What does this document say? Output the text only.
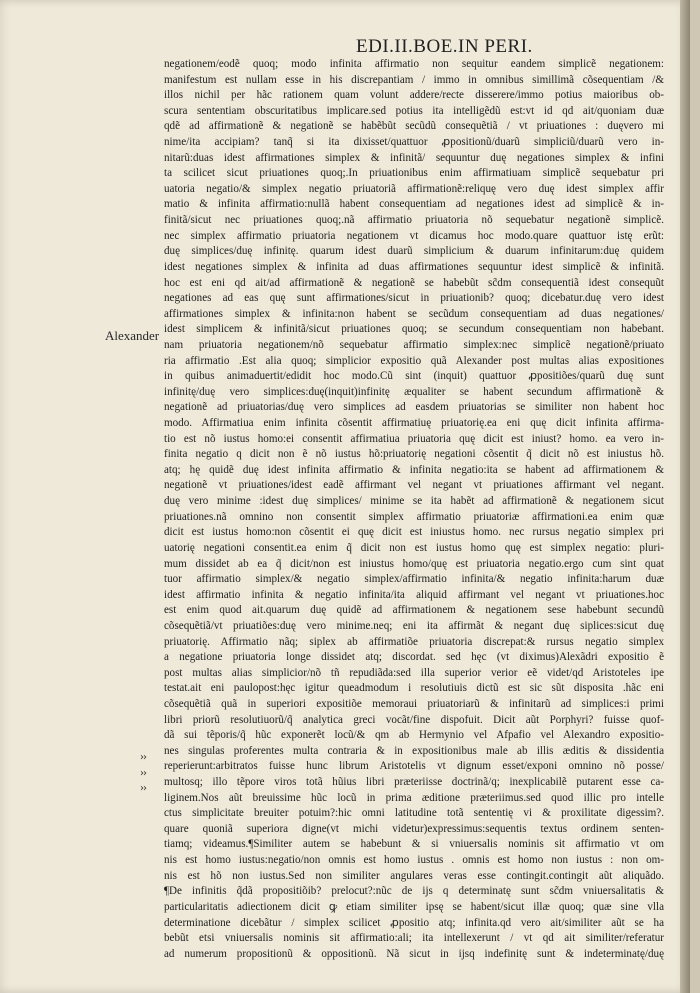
EDI.II.BOE.IN PERI.
Alexander
››
››
››
negationem/eodẽ quoq; modo infinita affirmatio non sequitur eandem simplicẽ negationem:
manifestum est nullam esse in his discrepantiam / immo in omnibus simillimã cõsequentiam /&
illos nichil per hãc rationem quam volunt addere/recte disserere/immo potius maioribus ob-
scura sententiam obscuritatibus implicare.sed potius ita intelligẽdũ est:vt id qd ait/quoniam duæ
qdẽ ad affirmationẽ & negationẽ se habẽbũt secũdũ consequẽtiã / vt priuationes : duęvero mi
nime/ita accipiam? tanq̃ si ita dixisset/quattuor ꝓpositionũ/duarũ simpliciũ/duarũ vero in-
nitarũ:duas idest affirmationes simplex & infinitã/ sequuntur duę negationes simplex & infini
ta scilicet sicut priuationes quoq;.In priuationibus enim affirmatiuam simplicẽ sequebatur pri
uatoria negatio/& simplex negatio priuatoriã affirmationẽ:reliquę vero duę idest simplex affir
matio & infinita affirmatio:nullã habent consequentiam ad negationes idest ad simplicẽ & in-
finitã/sicut nec priuationes quoq;.nã affirmatio priuatoria nõ sequebatur negationẽ simplicẽ.
nec simplex affirmatio priuatoria negationem vt dicamus hoc modo.quare quattuor istę erũt:
duę simplices/duę infinitę. quarum idest duarũ simplicium & duarum infinitarum:duę quidem
idest negationes simplex & infinita ad duas affirmationes sequuntur idest simplicẽ & infinitã.
hoc est eni qd ait/ad affirmationẽ & negationẽ se habebũt sc̃dm consequentiã idest consequũt
negationes ad eas quę sunt affirmationes/sicut in priuationib? quoq; dicebatur.duę vero idest
affirmationes simplex & infinita:non habent se secũdum consequentiam ad duas negationes/
idest simplicem & infinitã/sicut priuationes quoq; se secundum consequentiam non habebant.
nam priuatoria negationem/nõ sequebatur affirmatio simplex:nec simplicẽ negationẽ/priuato
ria affirmatio .Est alia quoq; simplicior expositio quã Alexander post multas alias expositiones
in quibus animaduertit/edidit hoc modo.Cũ sint (inquit) quattuor ꝓpositiões/quarũ duę sunt
infinitę/duę vero simplices:duę(inquit)infinitę æqualiter se habent secundum affirmationẽ &
negationẽ ad priuatorias/duę vero simplices ad easdem priuatorias se similiter non habent hoc
modo. Affirmatiua enim infinita cõsentit affirmatiuę priuatorię.ea eni quę dicit infinita affirma-
tio est nõ iustus homo:ei consentit affirmatiua priuatoria quę dicit est iniust? homo. ea vero in-
finita negatio q dicit non ẽ nõ iustus hõ:priuatorię negationi cõsentit q̃ dicit nõ est iniustus hõ.
atq; hę quidẽ duę idest infinita affirmatio & infinita negatio:ita se habent ad affirmationem &
negationẽ vt priuationes/idest eadẽ affirmant vel negant vt priuationes affirmant vel negant.
duę vero minime :idest duę simplices/ minime se ita habẽt ad affirmationẽ & negationem sicut
priuationes.nã omnino non consentit simplex affirmatio priuatoriæ affirmationi.ea enim quæ
dicit est iustus homo:non cõsentit ei quę dicit est iniustus homo. nec rursus negatio simplex pri
uatorię negationi consentit.ea enim q̃ dicit non est iustus homo quę est simplex negatio: pluri-
mum dissidet ab ea q̃ dicit/non est iniustus homo/quę est priuatoria negatio.ergo cum sint quat
tuor affirmatio simplex/& negatio simplex/affirmatio infinita/& negatio infinita:harum duæ
idest affirmatio infinita & negatio infinita/ita aliquid affirmant vel negant vt priuationes.hoc
est enim quod ait.quarum duę quidẽ ad affirmationem & negationem sese habebunt secundũ
cõsequẽtiã/vt priuatiões:duę vero minime.neq; eni ita affirmãt & negant duę siplices:sicut duę
priuatorię. Affirmatio nãq; siplex ab affirmatiõe priuatoria discrepat:& rursus negatio simplex
a negatione priuatoria longe dissidet atq; discordat. sed hęc (vt diximus)Alexãdri expositio ẽ
post multas alias simplicior/nõ tñ repudiãda:sed illa superior verior eẽ videt/qd Aristoteles ipe
testat.ait eni paulopost:hęc igitur queadmodum i resolutiuis dictũ est sic sũt disposita .hãc eni
cõsequẽtiã quã in superiori expositiõe memoraui priuatoriarũ & infinitarũ ad simplices:i primi
libri priorũ resolutiuorũ/q̃ analytica greci vocãt/fine dispofuit. Dicit aũt Porphyri? fuisse quof-
dã sui tẽporis/q̃ hũc exponerẽt locũ/& qm ab Hermynio vel Afpafio vel Alexandro expositio-
nes singulas proferentes multa contraria & in expositionibus male ab illis æditis & dissidentia
reperierunt:arbitratos fuisse hunc librum Aristotelis vt dignum esset/exponi omnino nõ posse/
multosq; illo tẽpore viros totã hũius libri prӕteriisse doctrinã/q; inexplicabilẽ putarent esse ca-
liginem.Nos aũt breuissime hũc locũ in prima æditione prӕteriimus.sed quod illic pro intelle
ctus simplicitate breuiter potuim?:hic omni latitudine totã sententię vi & proxilitate digessim?.
quare quoniã superiora digne(vt michi videtur)expressimus:sequentis textus ordinem senten-
tiamq; videamus.¶Similiter autem se habebunt & si vniuersalis nominis sit affirmatio vt om
nis est homo iustus:negatio/non omnis est homo iustus . omnis est homo non iustus : non om-
nis est hõ non iustus.Sed non similiter angulares veras esse contingit.contingit aũt aliquãdo.
¶De infinitis q̃dã propositiõib? prelocut?:nũc de ijs q determinatę sunt sc̃dm vniuersalitatis &
particularitatis adiectionem dicit ꝙ etiam similiter ipsę se habent/sicut illæ quoq; quæ sine vlla
determinatione dicebãtur / simplex scilicet ꝓpositio atq; infinita.qd vero ait/similiter aũt se ha
bebũt etsi vniuersalis nominis sit affirmatio:ali; ita intellexerunt / vt qd ait similiter/referatur
ad numerum propositionũ & oppositionũ. Nã sicut in ijsq indefinitę sunt & indeterminatę/duę
